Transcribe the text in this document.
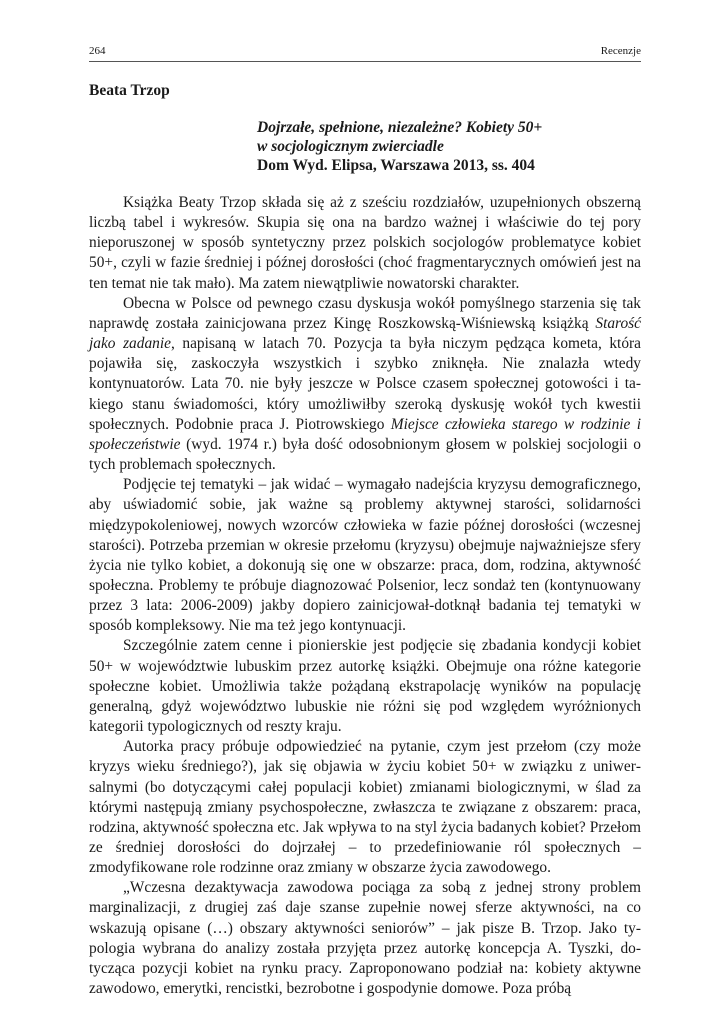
264	Recenzje
Beata Trzop
Dojrzałe, spełnione, niezależne? Kobiety 50+
w socjologicznym zwierciadle
Dom Wyd. Elipsa, Warszawa 2013, ss. 404

Książka Beaty Trzop składa się aż z sześciu rozdziałów, uzupełnionych obszerną liczbą tabel i wykresów. Skupia się ona na bardzo ważnej i właściwie do tej pory nieporuszonej w sposób syntetyczny przez polskich socjologów problematyce kobiet 50+, czyli w fazie średniej i późnej dorosłości (choć fragmentarycznych omówień jest na ten temat nie tak mało). Ma zatem niewątpliwie nowatorski charakter.

Obecna w Polsce od pewnego czasu dyskusja wokół pomyślnego starzenia się tak naprawdę została zainicjowana przez Kingę Roszkowską-Wiśniewską książką Starość jako zadanie, napisaną w latach 70. Pozycja ta była niczym pędząca kometa, która pojawiła się, zaskoczyła wszystkich i szybko zniknęła. Nie znalazła wtedy kontynuatorów. Lata 70. nie były jeszcze w Polsce czasem społecznej gotowości i takiego stanu świadomości, który umożliwiłby szeroką dyskusję wokół tych kwestii społecznych. Podobnie praca J. Piotrowskiego Miejsce człowieka starego w rodzinie i społeczeństwie (wyd. 1974 r.) była dość odosobnionym głosem w polskiej socjologii o tych problemach społecznych.

Podjęcie tej tematyki – jak widać – wymagało nadejścia kryzysu demograficznego, aby uświadomić sobie, jak ważne są problemy aktywnej starości, solidarności międzypokoleniowej, nowych wzorców człowieka w fazie późnej dorosłości (wczesnej starości). Potrzeba przemian w okresie przełomu (kryzysu) obejmuje najważniejsze sfery życia nie tylko kobiet, a dokonują się one w obszarze: praca, dom, rodzina, aktywność społeczna. Problemy te próbuje diagnozować Polsenior, lecz sondaż ten (kontynuowany przez 3 lata: 2006-2009) jakby dopiero zainicjował-dotknął badania tej tematyki w sposób kompleksowy. Nie ma też jego kontynuacji.

Szczególnie zatem cenne i pionierskie jest podjęcie się zbadania kondycji kobiet 50+ w województwie lubuskim przez autorkę książki. Obejmuje ona różne kategorie społeczne kobiet. Umożliwia także pożądaną ekstrapolację wyników na populację generalną, gdyż województwo lubuskie nie różni się pod względem wyróżnionych kategorii typologicznych od reszty kraju.

Autorka pracy próbuje odpowiedzieć na pytanie, czym jest przełom (czy może kryzys wieku średniego?), jak się objawia w życiu kobiet 50+ w związku z uniwersalnymi (bo dotyczącymi całej populacji kobiet) zmianami biologicznymi, w ślad za którymi następują zmiany psychospołeczne, zwłaszcza te związane z obszarem: praca, rodzina, aktywność społeczna etc. Jak wpływa to na styl życia badanych kobiet? Przełom ze średniej dorosłości do dojrzałej – to przedefiniowanie ról społecznych – zmodyfikowane role rodzinne oraz zmiany w obszarze życia zawodowego.

„Wczesna dezaktywacja zawodowa pociąga za sobą z jednej strony problem marginalizacji, z drugiej zaś daje szanse zupełnie nowej sferze aktywności, na co wskazują opisane (…) obszary aktywności seniorów” – jak pisze B. Trzop. Jako typologia wybrana do analizy została przyjęta przez autorkę koncepcja A. Tyszki, dotycząca pozycji kobiet na rynku pracy. Zaproponowano podział na: kobiety aktywne zawodowo, emerytki, rencistki, bezrobotne i gospodynie domowe. Poza próbą
